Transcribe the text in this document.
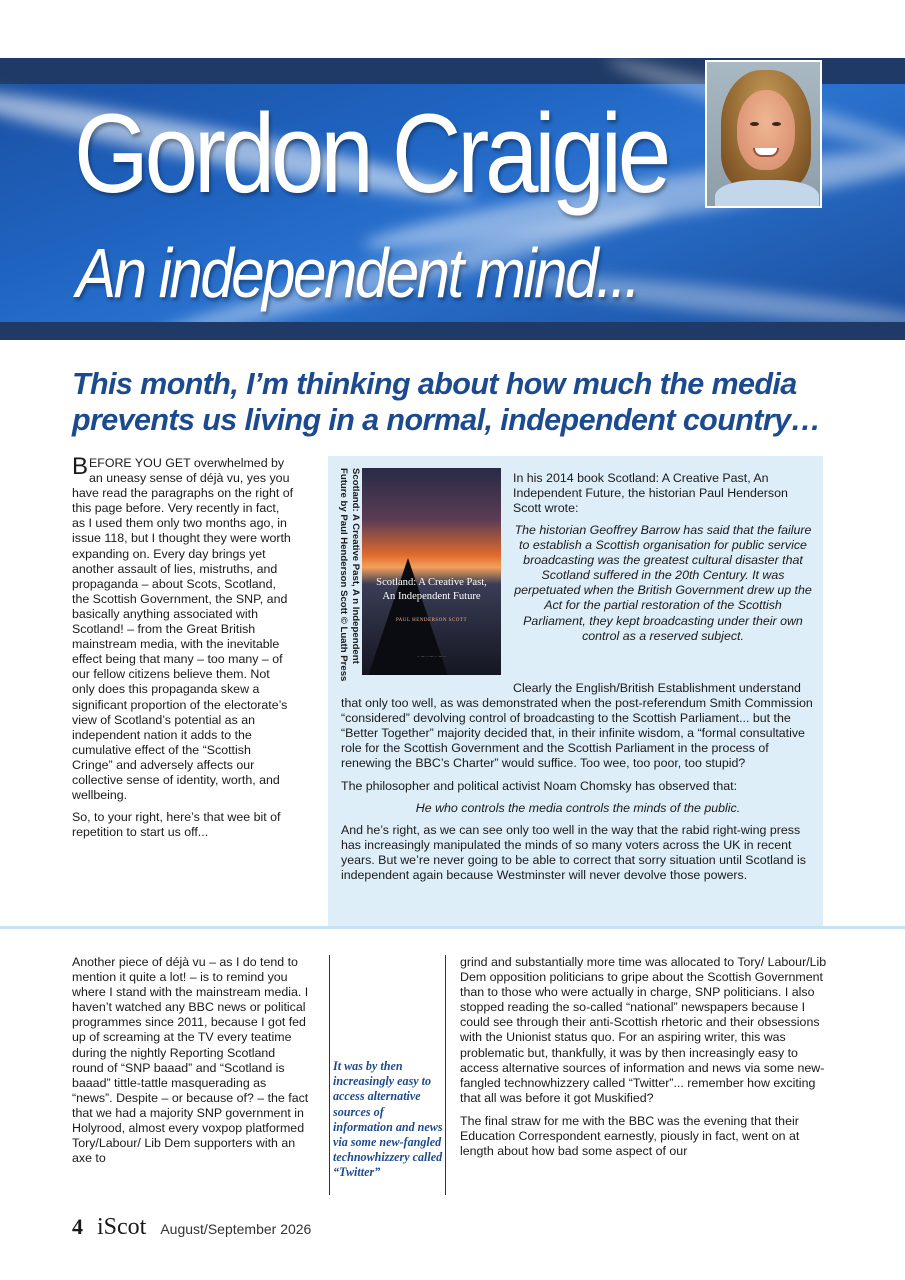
Gordon Craigie
An independent mind...
This month, I’m thinking about how much the media prevents us living in a normal, independent country…

BEFORE YOU GET overwhelmed by an uneasy sense of déjà vu, yes you have read the paragraphs on the right of this page before. Very recently in fact, as I used them only two months ago, in issue 118, but I thought they were worth expanding on. Every day brings yet another assault of lies, mistruths, and propaganda – about Scots, Scotland, the Scottish Government, the SNP, and basically anything associated with Scotland! – from the Great British mainstream media, with the inevitable effect being that many – too many – of our fellow citizens believe them. Not only does this propaganda skew a significant proportion of the electorate’s view of Scotland’s potential as an independent nation it adds to the cumulative effect of the “Scottish Cringe” and adversely affects our collective sense of identity, worth, and wellbeing.

So, to your right, here’s that wee bit of repetition to start us off...

Scotland: A Creative Past, A n Independent
Future by Paul Henderson Scott © Luath Press	Scotland: A Creative Past,
An Independent Future
PAUL HENDERSON SCOTT
… — … — … — …

In his 2014 book Scotland: A Creative Past, An Independent Future, the historian Paul Henderson Scott wrote:

The historian Geoffrey Barrow has said that the failure to establish a Scottish organisation for public service broadcasting was the greatest cultural disaster that Scotland suffered in the 20th Century. It was perpetuated when the British Government drew up the Act for the partial restoration of the Scottish Parliament, they kept broadcasting under their own control as a reserved subject.

Clearly the English/British Establishment understand that only too well, as was demonstrated when the post-referendum Smith Commission “considered” devolving control of broadcasting to the Scottish Parliament... but the “Better Together” majority decided that, in their infinite wisdom, a “formal consultative role for the Scottish Government and the Scottish Parliament in the process of renewing the BBC’s Charter” would suffice. Too wee, too poor, too stupid?

The philosopher and political activist Noam Chomsky has observed that:

He who controls the media controls the minds of the public.

And he’s right, as we can see only too well in the way that the rabid right-wing press has increasingly manipulated the minds of so many voters across the UK in recent years. But we’re never going to be able to correct that sorry situation until Scotland is independent again because Westminster will never devolve those powers.

Another piece of déjà vu – as I do tend to mention it quite a lot! – is to remind you where I stand with the mainstream media. I haven’t watched any BBC news or political programmes since 2011, because I got fed up of screaming at the TV every teatime during the nightly Reporting Scotland round of “SNP baaad” and “Scotland is baaad” tittle-tattle masquerading as “news”. Despite – or because of? – the fact that we had a majority SNP government in Holyrood, almost every voxpop platformed Tory/Labour/ Lib Dem supporters with an axe to

It was by then increasingly easy to access alternative sources of information and news via some new-fangled technowhizzery called “Twitter”

grind and substantially more time was allocated to Tory/ Labour/Lib Dem opposition politicians to gripe about the Scottish Government than to those who were actually in charge, SNP politicians. I also stopped reading the so-called “national” newspapers because I could see through their anti-Scottish rhetoric and their obsessions with the Unionist status quo. For an aspiring writer, this was problematic but, thankfully, it was by then increasingly easy to access alternative sources of information and news via some new-fangled technowhizzery called “Twitter”... remember how exciting that all was before it got Muskified?

The final straw for me with the BBC was the evening that their Education Correspondent earnestly, piously in fact, went on at length about how bad some aspect of our

4 iScot August/September 2026
